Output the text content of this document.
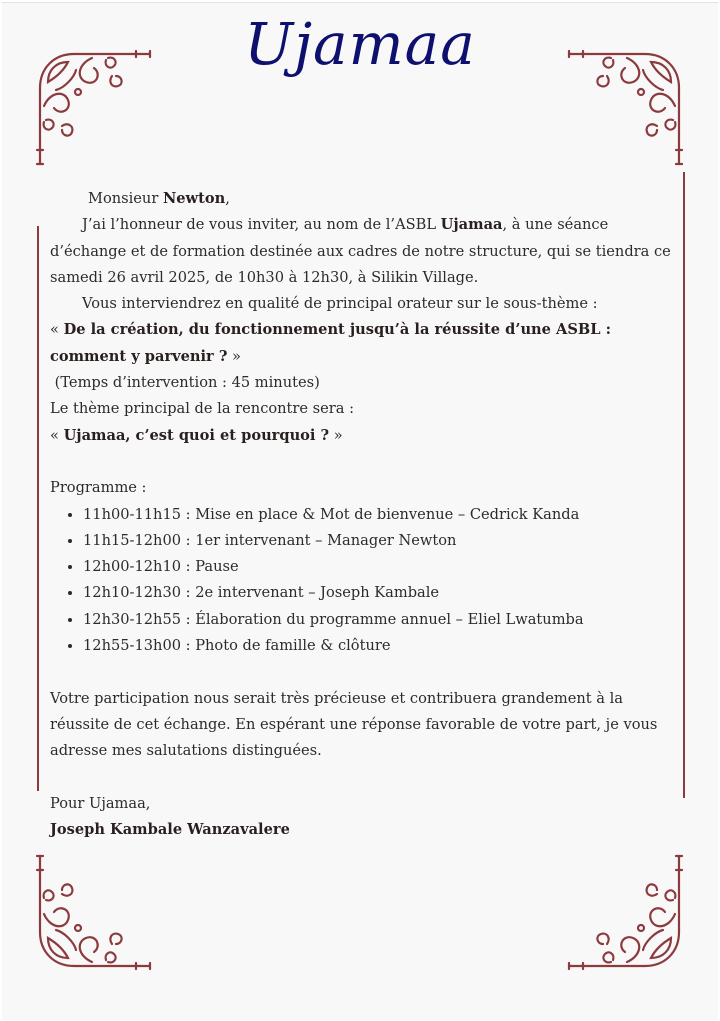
Ujamaa

Monsieur Newton,

J’ai l’honneur de vous inviter, au nom de l’ASBL Ujamaa, à une séance d’échange et de formation destinée aux cadres de notre structure, qui se tiendra ce samedi 26 avril 2025, de 10h30 à 12h30, à Silikin Village.

Vous interviendrez en qualité de principal orateur sur le sous-thème :

« De la création, du fonctionnement jusqu’à la réussite d’une ASBL : comment y parvenir ? »

(Temps d’intervention : 45 minutes)

Le thème principal de la rencontre sera :

« Ujamaa, c’est quoi et pourquoi ? »

Programme :

• 11h00-11h15 : Mise en place & Mot de bienvenue – Cedrick Kanda
• 11h15-12h00 : 1er intervenant – Manager Newton
• 12h00-12h10 : Pause
• 12h10-12h30 : 2e intervenant – Joseph Kambale
• 12h30-12h55 : Élaboration du programme annuel – Eliel Lwatumba
• 12h55-13h00 : Photo de famille & clôture

Votre participation nous serait très précieuse et contribuera grandement à la réussite de cet échange. En espérant une réponse favorable de votre part, je vous adresse mes salutations distinguées.

Pour Ujamaa,

Joseph Kambale Wanzavalere
